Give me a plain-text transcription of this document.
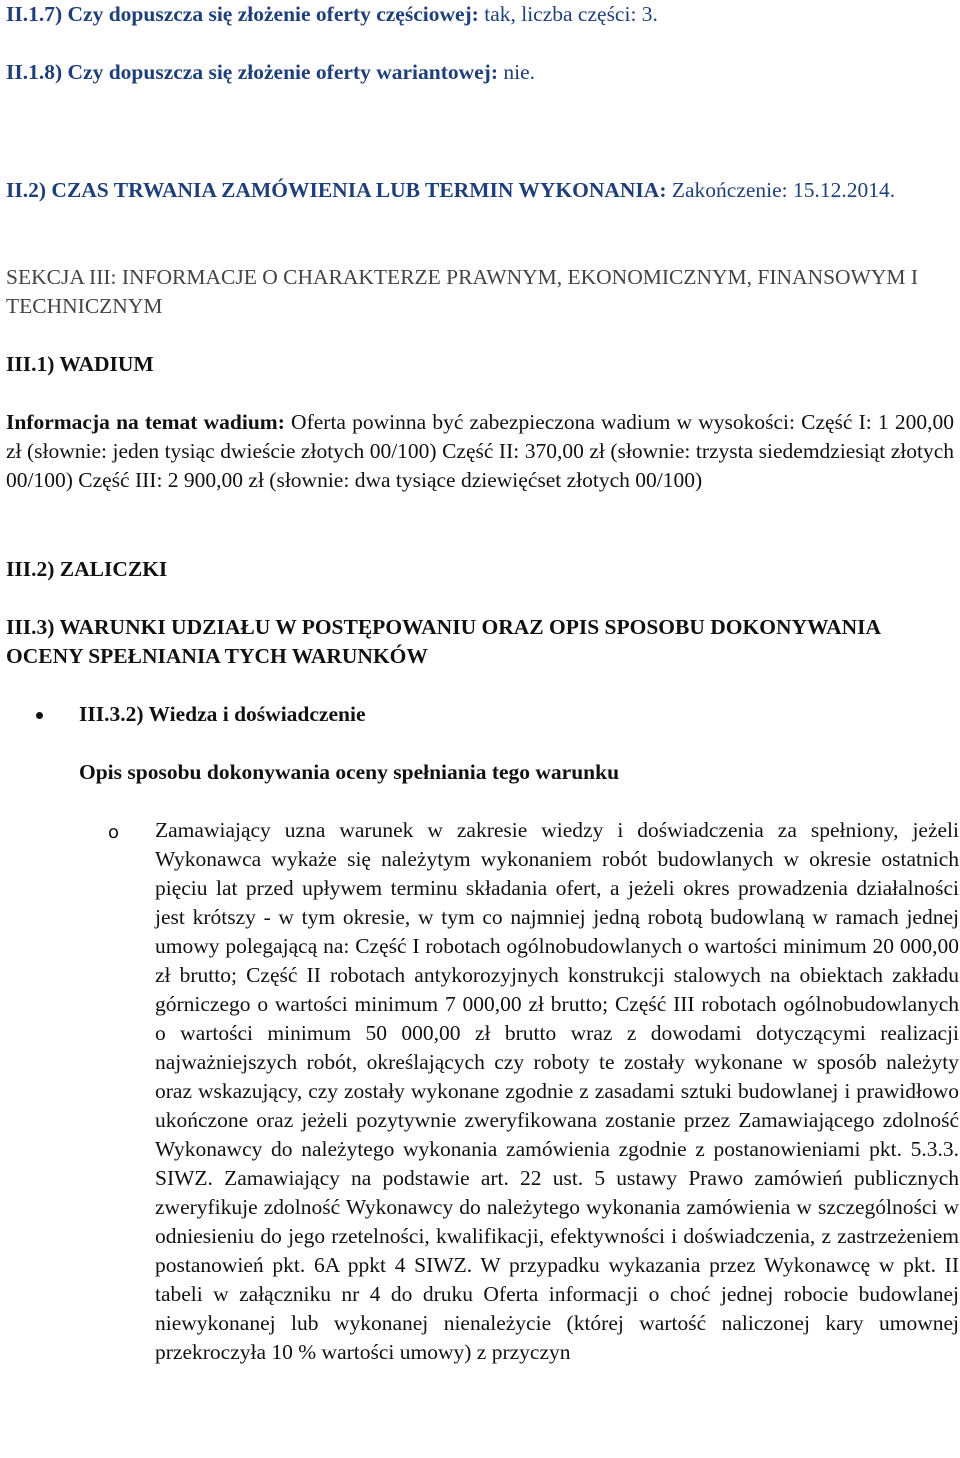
II.1.7) Czy dopuszcza się złożenie oferty częściowej: tak, liczba części: 3.

II.1.8) Czy dopuszcza się złożenie oferty wariantowej: nie.

II.2) CZAS TRWANIA ZAMÓWIENIA LUB TERMIN WYKONANIA: Zakończenie: 15.12.2014.

SEKCJA III: INFORMACJE O CHARAKTERZE PRAWNYM, EKONOMICZNYM, FINANSOWYM I TECHNICZNYM

III.1) WADIUM

Informacja na temat wadium: Oferta powinna być zabezpieczona wadium w wysokości: Część I: 1 200,00 zł (słownie: jeden tysiąc dwieście złotych 00/100) Część II: 370,00 zł (słownie: trzysta siedemdziesiąt złotych 00/100) Część III: 2 900,00 zł (słownie: dwa tysiące dziewięćset złotych 00/100)

III.2) ZALICZKI

III.3) WARUNKI UDZIAŁU W POSTĘPOWANIU ORAZ OPIS SPOSOBU DOKONYWANIA OCENY SPEŁNIANIA TYCH WARUNKÓW

III.3.2) Wiedza i doświadczenie

Opis sposobu dokonywania oceny spełniania tego warunku

o Zamawiający uzna warunek w zakresie wiedzy i doświadczenia za spełniony, jeżeli Wykonawca wykaże się należytym wykonaniem robót budowlanych w okresie ostatnich pięciu lat przed upływem terminu składania ofert, a jeżeli okres prowadzenia działalności jest krótszy - w tym okresie, w tym co najmniej jedną robotą budowlaną w ramach jednej umowy polegającą na: Część I robotach ogólnobudowlanych o wartości minimum 20 000,00 zł brutto; Część II robotach antykorozyjnych konstrukcji stalowych na obiektach zakładu górniczego o wartości minimum 7 000,00 zł brutto; Część III robotach ogólnobudowlanych o wartości minimum 50 000,00 zł brutto wraz z dowodami dotyczącymi realizacji najważniejszych robót, określających czy roboty te zostały wykonane w sposób należyty oraz wskazujący, czy zostały wykonane zgodnie z zasadami sztuki budowlanej i prawidłowo ukończone oraz jeżeli pozytywnie zweryfikowana zostanie przez Zamawiającego zdolność Wykonawcy do należytego wykonania zamówienia zgodnie z postanowieniami pkt. 5.3.3. SIWZ. Zamawiający na podstawie art. 22 ust. 5 ustawy Prawo zamówień publicznych zweryfikuje zdolność Wykonawcy do należytego wykonania zamówienia w szczególności w odniesieniu do jego rzetelności, kwalifikacji, efektywności i doświadczenia, z zastrzeżeniem postanowień pkt. 6A ppkt 4 SIWZ. W przypadku wykazania przez Wykonawcę w pkt. II tabeli w załączniku nr 4 do druku Oferta informacji o choć jednej robocie budowlanej niewykonanej lub wykonanej nienależycie (której wartość naliczonej kary umownej przekroczyła 10 % wartości umowy) z przyczyn
